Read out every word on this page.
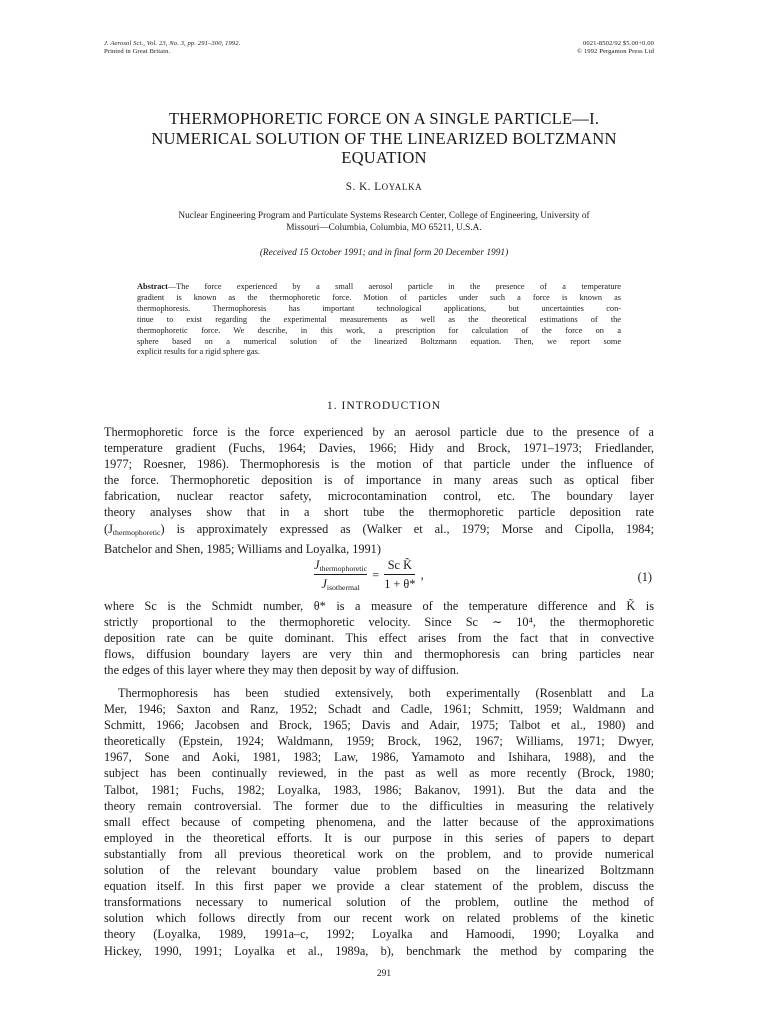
J. Aerosol Sci., Vol. 23, No. 3, pp. 291–300, 1992.
Printed in Great Britain.
0021-8502/92 $5.00+0.00
© 1992 Pergamon Press Ltd
THERMOPHORETIC FORCE ON A SINGLE PARTICLE—I.
NUMERICAL SOLUTION OF THE LINEARIZED BOLTZMANN
EQUATION
S. K. LOYALKA
Nuclear Engineering Program and Particulate Systems Research Center, College of Engineering, University of
Missouri—Columbia, Columbia, MO 65211, U.S.A.
(Received 15 October 1991; and in final form 20 December 1991)
Abstract—The force experienced by a small aerosol particle in the presence of a temperature
gradient is known as the thermophoretic force. Motion of particles under such a force is known as
thermophoresis. Thermophoresis has important technological applications, but uncertainties con-
tinue to exist regarding the experimental measurements as well as the theoretical estimations of the
thermophoretic force. We describe, in this work, a prescription for calculation of the force on a
sphere based on a numerical solution of the linearized Boltzmann equation. Then, we report some
explicit results for a rigid sphere gas.
1. INTRODUCTION
Thermophoretic force is the force experienced by an aerosol particle due to the presence of a
temperature gradient (Fuchs, 1964; Davies, 1966; Hidy and Brock, 1971–1973; Friedlander,
1977; Roesner, 1986). Thermophoresis is the motion of that particle under the influence of
the force. Thermophoretic deposition is of importance in many areas such as optical fiber
fabrication, nuclear reactor safety, microcontamination control, etc. The boundary layer
theory analyses show that in a short tube the thermophoretic particle deposition rate
$(J_{thermophoretic})$ is approximately expressed as (Walker et al., 1979; Morse and Cipolla, 1984;
Batchelor and Shen, 1985; Williams and Loyalka, 1991)
$\frac{J_{thermophoretic}}{J_{isothermal}} = \frac{\text{Sc K̃}}{1 + \theta*}$ ,	(1)
where Sc is the Schmidt number, θ* is a measure of the temperature difference and K̃ is
strictly proportional to the thermophoretic velocity. Since Sc ∼ 10⁴, the thermophoretic
deposition rate can be quite dominant. This effect arises from the fact that in convective
flows, diffusion boundary layers are very thin and thermophoresis can bring particles near
the edges of this layer where they may then deposit by way of diffusion.
Thermophoresis has been studied extensively, both experimentally (Rosenblatt and La
Mer, 1946; Saxton and Ranz, 1952; Schadt and Cadle, 1961; Schmitt, 1959; Waldmann and
Schmitt, 1966; Jacobsen and Brock, 1965; Davis and Adair, 1975; Talbot et al., 1980) and
theoretically (Epstein, 1924; Waldmann, 1959; Brock, 1962, 1967; Williams, 1971; Dwyer,
1967, Sone and Aoki, 1981, 1983; Law, 1986, Yamamoto and Ishihara, 1988), and the
subject has been continually reviewed, in the past as well as more recently (Brock, 1980;
Talbot, 1981; Fuchs, 1982; Loyalka, 1983, 1986; Bakanov, 1991). But the data and the
theory remain controversial. The former due to the difficulties in measuring the relatively
small effect because of competing phenomena, and the latter because of the approximations
employed in the theoretical efforts. It is our purpose in this series of papers to depart
substantially from all previous theoretical work on the problem, and to provide numerical
solution of the relevant boundary value problem based on the linearized Boltzmann
equation itself. In this first paper we provide a clear statement of the problem, discuss the
transformations necessary to numerical solution of the problem, outline the method of
solution which follows directly from our recent work on related problems of the kinetic
theory (Loyalka, 1989, 1991a–c, 1992; Loyalka and Hamoodi, 1990; Loyalka and
Hickey, 1990, 1991; Loyalka et al., 1989a, b), benchmark the method by comparing the
291
